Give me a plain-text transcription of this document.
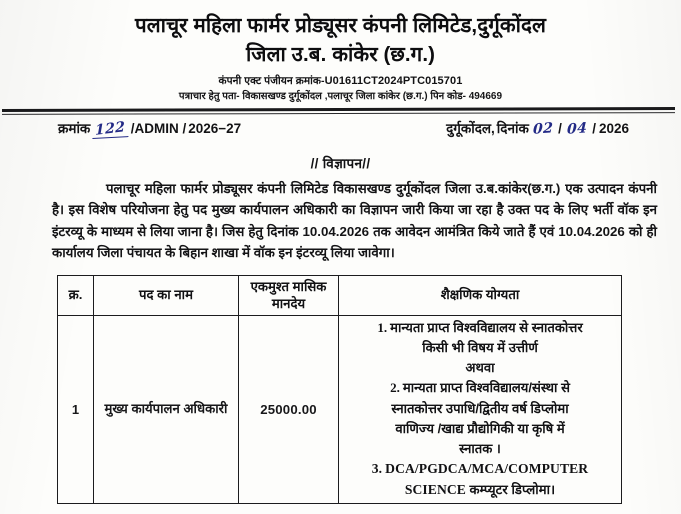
पलाचूर महिला फार्मर प्रोड्यूसर कंपनी लिमिटेड,दुर्गूकोंदल
जिला उ.ब. कांकेर (छ.ग.)
कंपनी एक्ट पंजीयन क्रमांक-U01611CT2024PTC015701
पत्राचार हेतु पता- विकासखण्ड दुर्गूकोंदल ,पलाचूर जिला कांकेर (छ.ग.) पिन कोड- 494669
क्रमांक 122 /ADMIN / 2026−27	दुर्गूकोंदल, दिनांक 02 / 04 / 2026
// विज्ञापन//
पलाचूर महिला फार्मर प्रोड्यूसर कंपनी लिमिटेड विकासखण्ड दुर्गूकोंदल जिला उ.ब.कांकेर(छ.ग.) एक उत्पादन कंपनी है। इस विशेष परियोजना हेतु पद मुख्य कार्यपालन अधिकारी का विज्ञापन जारी किया जा रहा है उक्त पद के लिए भर्ती वॉक इन इंटरव्यू के माध्यम से लिया जाना है। जिस हेतु दिनांक 10.04.2026 तक आवेदन आमंत्रित किये जाते हैं एवं 10.04.2026 को ही कार्यालय जिला पंचायत के बिहान शाखा में वॉक इन इंटरव्यू लिया जावेगा।
क्र.	पद का नाम	एकमुश्त मासिक मानदेय	शैक्षणिक योग्यता
1	मुख्य कार्यपालन अधिकारी	25000.00	
1. मान्यता प्राप्त विश्वविद्यालय से स्नातकोत्तर
किसी भी विषय में उत्तीर्ण
अथवा
2. मान्यता प्राप्त विश्वविद्यालय/संस्था से
स्नातकोत्तर उपाधि/द्वितीय वर्ष डिप्लोमा
वाणिज्य /खाद्य प्रौद्योगिकी या कृषि में
स्नातक ।
3. DCA/PGDCA/MCA/COMPUTER
SCIENCE कम्प्यूटर डिप्लोमा।
